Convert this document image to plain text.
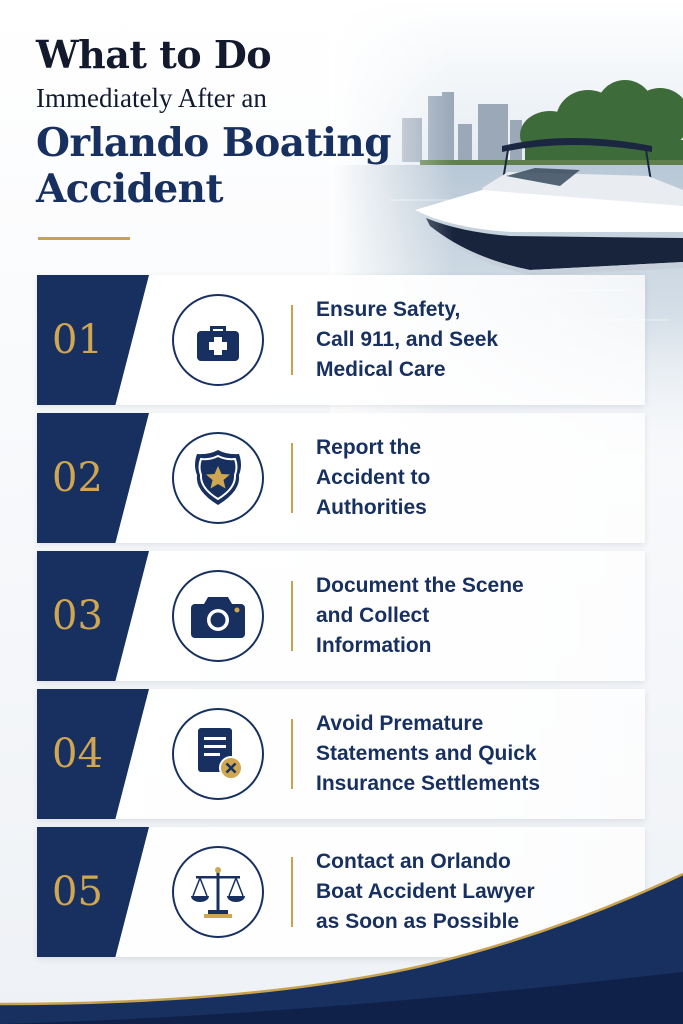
What to Do
Immediately After an
Orlando Boating
Accident
01
Ensure Safety,
Call 911, and Seek
Medical Care
02
Report the
Accident to
Authorities
03
Document the Scene
and Collect
Information
04
Avoid Premature
Statements and Quick
Insurance Settlements
05
Contact an Orlando
Boat Accident Lawyer
as Soon as Possible
